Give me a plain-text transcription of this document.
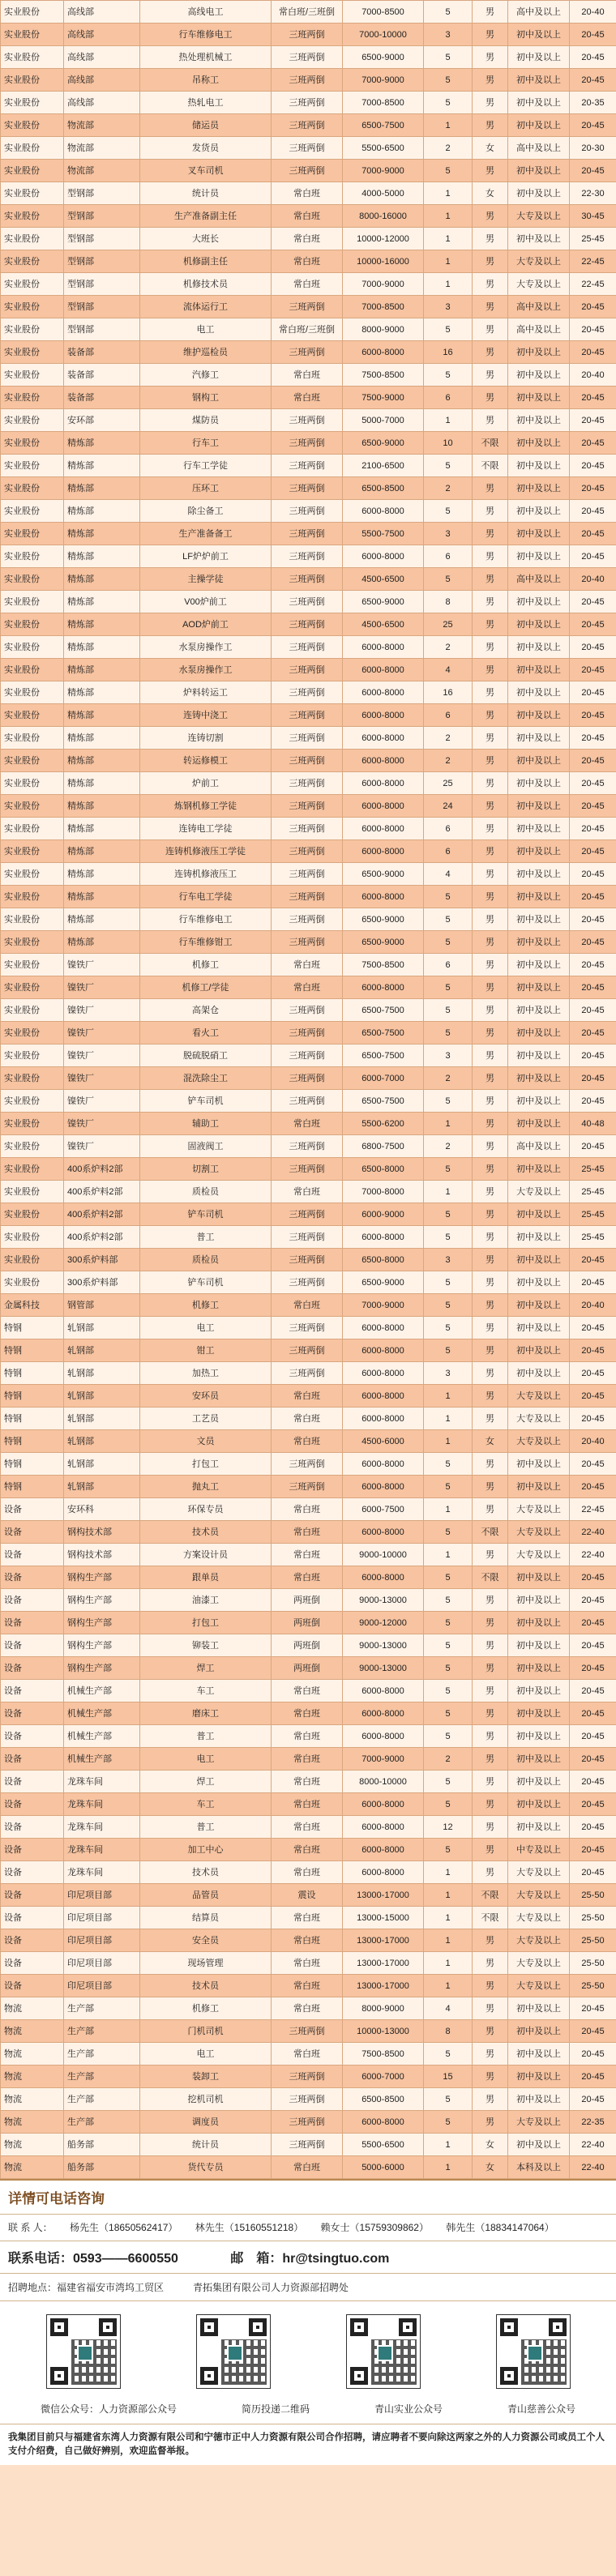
实业股份	高线部	高线电工	常白班/三班倒	7000-8500	5	男	高中及以上	20-40
实业股份	高线部	行车维修电工	三班两倒	7000-10000	3	男	初中及以上	20-45
实业股份	高线部	热处理机械工	三班两倒	6500-9000	5	男	初中及以上	20-45
实业股份	高线部	吊称工	三班两倒	7000-9000	5	男	初中及以上	20-45
实业股份	高线部	热轧电工	三班两倒	7000-8500	5	男	初中及以上	20-35
实业股份	物流部	储运员	三班两倒	6500-7500	1	男	初中及以上	20-45
实业股份	物流部	发货员	三班两倒	5500-6500	2	女	高中及以上	20-30
实业股份	物流部	叉车司机	三班两倒	7000-9000	5	男	初中及以上	20-45
实业股份	型钢部	统计员	常白班	4000-5000	1	女	初中及以上	22-30
实业股份	型钢部	生产准备副主任	常白班	8000-16000	1	男	大专及以上	30-45
实业股份	型钢部	大班长	常白班	10000-12000	1	男	初中及以上	25-45
实业股份	型钢部	机修副主任	常白班	10000-16000	1	男	大专及以上	22-45
实业股份	型钢部	机修技术员	常白班	7000-9000	1	男	大专及以上	22-45
实业股份	型钢部	流体运行工	三班两倒	7000-8500	3	男	高中及以上	20-45
实业股份	型钢部	电工	常白班/三班倒	8000-9000	5	男	高中及以上	20-45
实业股份	装备部	维护巡检员	三班两倒	6000-8000	16	男	初中及以上	20-45
实业股份	装备部	汽修工	常白班	7500-8500	5	男	初中及以上	20-40
实业股份	装备部	钢构工	常白班	7500-9000	6	男	初中及以上	20-45
实业股份	安环部	煤防员	三班两倒	5000-7000	1	男	初中及以上	20-45
实业股份	精炼部	行车工	三班两倒	6500-9000	10	不限	初中及以上	20-45
实业股份	精炼部	行车工学徒	三班两倒	2100-6500	5	不限	初中及以上	20-45
实业股份	精炼部	压环工	三班两倒	6500-8500	2	男	初中及以上	20-45
实业股份	精炼部	除尘备工	三班两倒	6000-8000	5	男	初中及以上	20-45
实业股份	精炼部	生产准备备工	三班两倒	5500-7500	3	男	初中及以上	20-45
实业股份	精炼部	LF炉炉前工	三班两倒	6000-8000	6	男	初中及以上	20-45
实业股份	精炼部	主操学徒	三班两倒	4500-6500	5	男	高中及以上	20-40
实业股份	精炼部	V00炉前工	三班两倒	6500-9000	8	男	初中及以上	20-45
实业股份	精炼部	AOD炉前工	三班两倒	4500-6500	25	男	初中及以上	20-45
实业股份	精炼部	水泵房操作工	三班两倒	6000-8000	2	男	初中及以上	20-45
实业股份	精炼部	水泵房操作工	三班两倒	6000-8000	4	男	初中及以上	20-45
实业股份	精炼部	炉料转运工	三班两倒	6000-8000	16	男	初中及以上	20-45
实业股份	精炼部	连铸中浇工	三班两倒	6000-8000	6	男	初中及以上	20-45
实业股份	精炼部	连铸切割	三班两倒	6000-8000	2	男	初中及以上	20-45
实业股份	精炼部	转运修模工	三班两倒	6000-8000	2	男	初中及以上	20-45
实业股份	精炼部	炉前工	三班两倒	6000-8000	25	男	初中及以上	20-45
实业股份	精炼部	炼钢机修工学徒	三班两倒	6000-8000	24	男	初中及以上	20-45
实业股份	精炼部	连铸电工学徒	三班两倒	6000-8000	6	男	初中及以上	20-45
实业股份	精炼部	连铸机修液压工学徒	三班两倒	6000-8000	6	男	初中及以上	20-45
实业股份	精炼部	连铸机修液压工	三班两倒	6500-9000	4	男	初中及以上	20-45
实业股份	精炼部	行车电工学徒	三班两倒	6000-8000	5	男	初中及以上	20-45
实业股份	精炼部	行车维修电工	三班两倒	6500-9000	5	男	初中及以上	20-45
实业股份	精炼部	行车维修钳工	三班两倒	6500-9000	5	男	初中及以上	20-45
实业股份	镍铁厂	机修工	常白班	7500-8500	6	男	初中及以上	20-45
实业股份	镍铁厂	机修工/学徒	常白班	6000-8000	5	男	初中及以上	20-45
实业股份	镍铁厂	高架仓	三班两倒	6500-7500	5	男	初中及以上	20-45
实业股份	镍铁厂	看火工	三班两倒	6500-7500	5	男	初中及以上	20-45
实业股份	镍铁厂	脱硫脱硝工	三班两倒	6500-7500	3	男	初中及以上	20-45
实业股份	镍铁厂	混洗除尘工	三班两倒	6000-7000	2	男	初中及以上	20-45
实业股份	镍铁厂	铲车司机	三班两倒	6500-7500	5	男	初中及以上	20-45
实业股份	镍铁厂	辅助工	常白班	5500-6200	1	男	初中及以上	40-48
实业股份	镍铁厂	固液阀工	三班两倒	6800-7500	2	男	高中及以上	20-45
实业股份	400系炉料2部	切割工	三班两倒	6500-8000	5	男	初中及以上	25-45
实业股份	400系炉料2部	质检员	常白班	7000-8000	1	男	大专及以上	25-45
实业股份	400系炉料2部	铲车司机	三班两倒	6000-9000	5	男	初中及以上	25-45
实业股份	400系炉料2部	普工	三班两倒	6000-8000	5	男	初中及以上	25-45
实业股份	300系炉料部	质检员	三班两倒	6500-8000	3	男	初中及以上	20-45
实业股份	300系炉料部	铲车司机	三班两倒	6500-9000	5	男	初中及以上	20-45
金属科技	钢管部	机修工	常白班	7000-9000	5	男	初中及以上	20-40
特钢	轧钢部	电工	三班两倒	6000-8000	5	男	初中及以上	20-45
特钢	轧钢部	钳工	三班两倒	6000-8000	5	男	初中及以上	20-45
特钢	轧钢部	加热工	三班两倒	6000-8000	3	男	初中及以上	20-45
特钢	轧钢部	安环员	常白班	6000-8000	1	男	大专及以上	20-45
特钢	轧钢部	工艺员	常白班	6000-8000	1	男	大专及以上	20-45
特钢	轧钢部	文员	常白班	4500-6000	1	女	大专及以上	20-40
特钢	轧钢部	打包工	三班两倒	6000-8000	5	男	初中及以上	20-45
特钢	轧钢部	抛丸工	三班两倒	6000-8000	5	男	初中及以上	20-45
设备	安环科	环保专员	常白班	6000-7500	1	男	大专及以上	22-45
设备	钢构技术部	技术员	常白班	6000-8000	5	不限	大专及以上	22-40
设备	钢构技术部	方案设计员	常白班	9000-10000	1	男	大专及以上	22-40
设备	钢构生产部	跟单员	常白班	6000-8000	5	不限	初中及以上	20-45
设备	钢构生产部	油漆工	两班倒	9000-13000	5	男	初中及以上	20-45
设备	钢构生产部	打包工	两班倒	9000-12000	5	男	初中及以上	20-45
设备	钢构生产部	铆装工	两班倒	9000-13000	5	男	初中及以上	20-45
设备	钢构生产部	焊工	两班倒	9000-13000	5	男	初中及以上	20-45
设备	机械生产部	车工	常白班	6000-8000	5	男	初中及以上	20-45
设备	机械生产部	磨床工	常白班	6000-8000	5	男	初中及以上	20-45
设备	机械生产部	普工	常白班	6000-8000	5	男	初中及以上	20-45
设备	机械生产部	电工	常白班	7000-9000	2	男	初中及以上	20-45
设备	龙珠车间	焊工	常白班	8000-10000	5	男	初中及以上	20-45
设备	龙珠车间	车工	常白班	6000-8000	5	男	初中及以上	20-45
设备	龙珠车间	普工	常白班	6000-8000	12	男	初中及以上	20-45
设备	龙珠车间	加工中心	常白班	6000-8000	5	男	中专及以上	20-45
设备	龙珠车间	技术员	常白班	6000-8000	1	男	大专及以上	20-45
设备	印尼项目部	品管员	震设	13000-17000	1	不限	大专及以上	25-50
设备	印尼项目部	结算员	常白班	13000-15000	1	不限	大专及以上	25-50
设备	印尼项目部	安全员	常白班	13000-17000	1	男	大专及以上	25-50
设备	印尼项目部	现场管理	常白班	13000-17000	1	男	大专及以上	25-50
设备	印尼项目部	技术员	常白班	13000-17000	1	男	大专及以上	25-50
物流	生产部	机修工	常白班	8000-9000	4	男	初中及以上	20-45
物流	生产部	门机司机	三班两倒	10000-13000	8	男	初中及以上	20-45
物流	生产部	电工	常白班	7500-8500	5	男	初中及以上	20-45
物流	生产部	装卸工	三班两倒	6000-7000	15	男	初中及以上	20-45
物流	生产部	挖机司机	三班两倒	6500-8500	5	男	初中及以上	20-45
物流	生产部	调度员	三班两倒	6000-8000	5	男	大专及以上	22-35
物流	船务部	统计员	三班两倒	5500-6500	1	女	初中及以上	22-40
物流	船务部	货代专员	常白班	5000-6000	1	女	本科及以上	22-40
详情可电话咨询
联 系 人： 杨先生（18650562417） 林先生（15160551218） 赖女士（15759309862） 韩先生（18834147064）
联系电话：0593——6600550	邮　箱：hr@tsingtuo.com
招聘地点：福建省福安市湾坞工贸区　　　青拓集团有限公司人力资源部招聘处
微信公众号：人力资源部公众号	简历投递二维码	青山实业公众号	青山慈善公众号
我集团目前只与福建省东湾人力资源有限公司和宁德市正中人力资源有限公司合作招聘，请应聘者不要向除这两家之外的人力资源公司或员工个人支付介绍费，自己做好辨别，欢迎监督举报。
